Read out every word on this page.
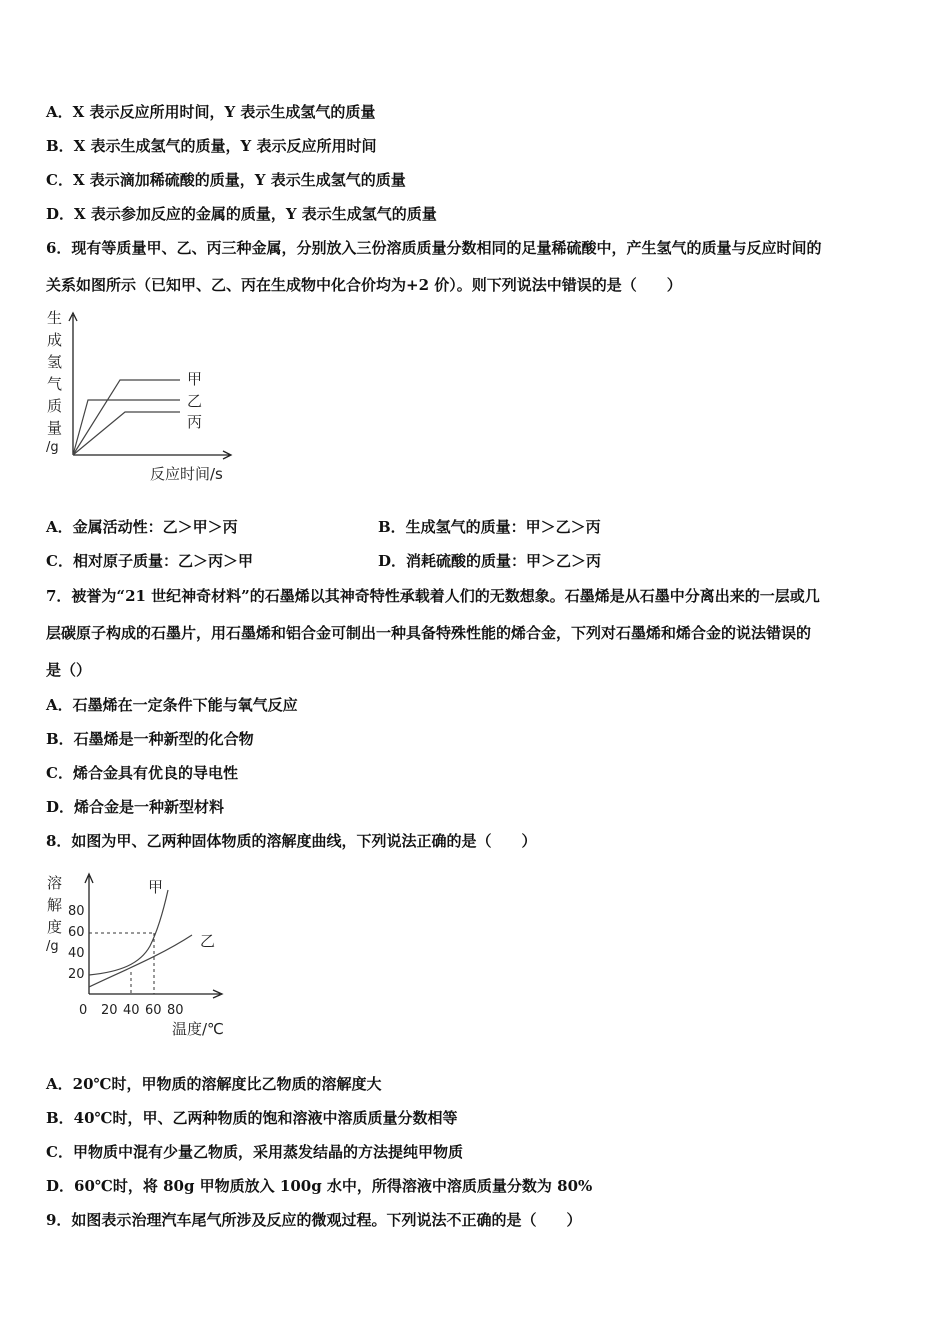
A．X 表示反应所用时间，Y 表示生成氢气的质量
B．X 表示生成氢气的质量，Y 表示反应所用时间
C．X 表示滴加稀硫酸的质量，Y 表示生成氢气的质量
D．X 表示参加反应的金属的质量，Y 表示生成氢气的质量
6．现有等质量甲、乙、丙三种金属，分别放入三份溶质质量分数相同的足量稀硫酸中，产生氢气的质量与反应时间的
关系如图所示（已知甲、乙、丙在生成物中化合价均为+2 价）。则下列说法中错误的是（　　）
生
成
氢
气
质
量
/g
甲
乙
丙
反应时间/s
A．金属活动性：乙＞甲＞丙	B．生成氢气的质量：甲＞乙＞丙
C．相对原子质量：乙＞丙＞甲	D．消耗硫酸的质量：甲＞乙＞丙
7．被誉为“21 世纪神奇材料”的石墨烯以其神奇特性承载着人们的无数想象。石墨烯是从石墨中分离出来的一层或几
层碳原子构成的石墨片，用石墨烯和铝合金可制出一种具备特殊性能的烯合金，下列对石墨烯和烯合金的说法错误的
是（）
A．石墨烯在一定条件下能与氧气反应
B．石墨烯是一种新型的化合物
C．烯合金具有优良的导电性
D．烯合金是一种新型材料
8．如图为甲、乙两种固体物质的溶解度曲线，下列说法正确的是（　　）
溶
解
度
/g
80
60
40
20
甲
乙
0 20 40 60 80
温度/℃
A．20℃时，甲物质的溶解度比乙物质的溶解度大
B．40℃时，甲、乙两种物质的饱和溶液中溶质质量分数相等
C．甲物质中混有少量乙物质，采用蒸发结晶的方法提纯甲物质
D．60℃时，将 80g 甲物质放入 100g 水中，所得溶液中溶质质量分数为 80%
9．如图表示治理汽车尾气所涉及反应的微观过程。下列说法不正确的是（　　）
